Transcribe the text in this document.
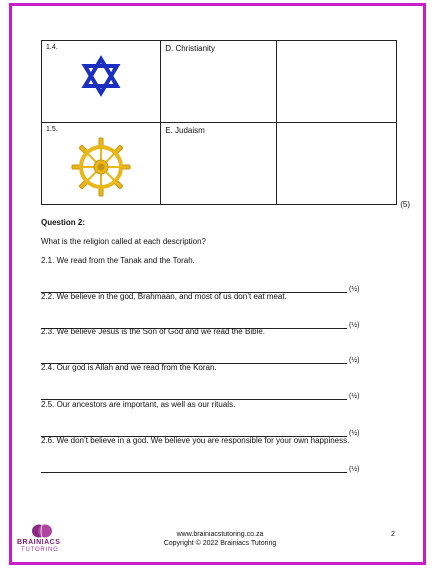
1.4.	D. Christianity	

1.5.	E. Judaism	
(5)
Question 2:
What is the religion called at each description?
2.1. We read from the Tanak and the Torah.
(½)
2.2. We believe in the god, Brahmaan, and most of us don’t eat meat.
(½)
2.3. We believe Jesus is the Son of God and we read the Bible.
(½)
2.4. Our god is Allah and we read from the Koran.
(½)
2.5. Our ancestors are important, as well as our rituals.
(½)
2.6. We don’t believe in a god. We believe you are responsible for your own happiness.
(½)
BRAINIACS
TUTORING
www.brainiacstutoring.co.za
Copyright © 2022 Brainiacs Tutoring
2
